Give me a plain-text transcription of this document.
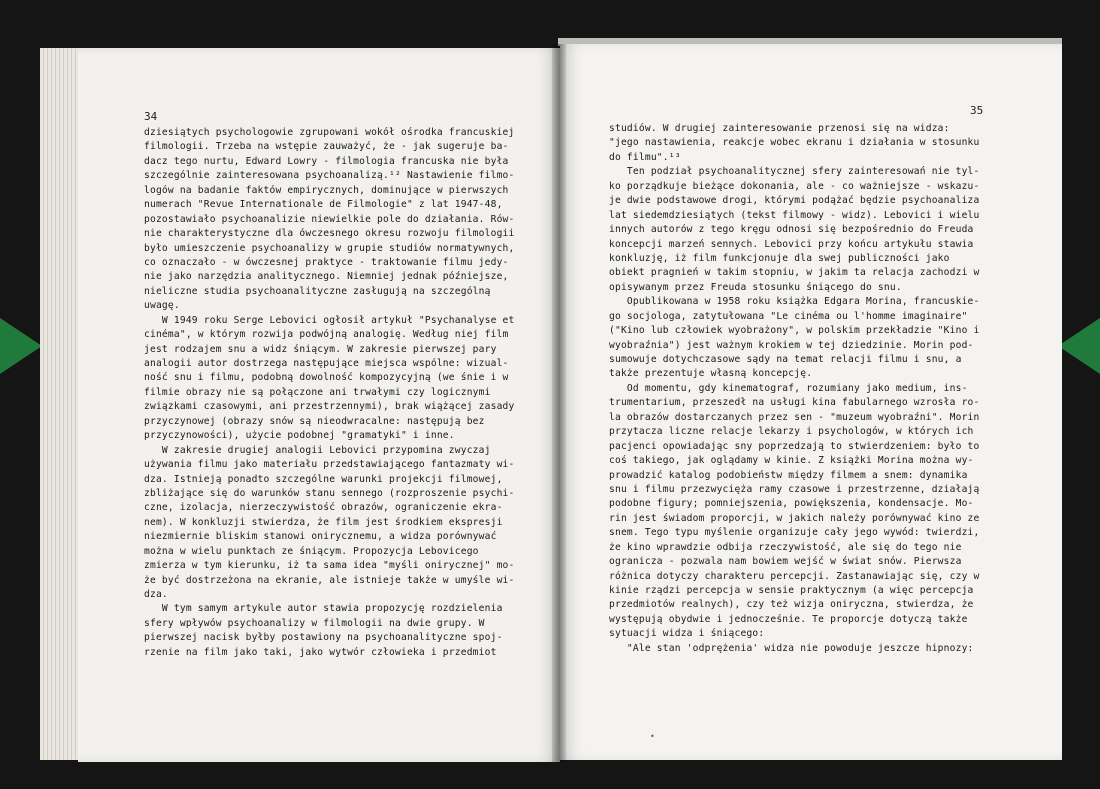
34
dziesiątych psychologowie zgrupowani wokół ośrodka francuskiej
filmologii. Trzeba na wstępie zauważyć, że - jak sugeruje ba-
dacz tego nurtu, Edward Lowry - filmologia francuska nie była
szczególnie zainteresowana psychoanalizą.¹² Nastawienie filmo-
logów na badanie faktów empirycznych, dominujące w pierwszych
numerach "Revue Internationale de Filmologie" z lat 1947-48,
pozostawiało psychoanalizie niewielkie pole do działania. Rów-
nie charakterystyczne dla ówczesnego okresu rozwoju filmologii
było umieszczenie psychoanalizy w grupie studiów normatywnych,
co oznaczało - w ówczesnej praktyce - traktowanie filmu jedy-
nie jako narzędzia analitycznego. Niemniej jednak późniejsze,
nieliczne studia psychoanalityczne zasługują na szczególną
uwagę.
W 1949 roku Serge Lebovici ogłosił artykuł "Psychanalyse et
cinéma", w którym rozwija podwójną analogię. Według niej film
jest rodzajem snu a widz śniącym. W zakresie pierwszej pary
analogii autor dostrzega następujące miejsca wspólne: wizual-
ność snu i filmu, podobną dowolność kompozycyjną (we śnie i w
filmie obrazy nie są połączone ani trwałymi czy logicznymi
związkami czasowymi, ani przestrzennymi), brak wiążącej zasady
przyczynowej (obrazy snów są nieodwracalne: następują bez
przyczynowości), użycie podobnej "gramatyki" i inne.
W zakresie drugiej analogii Lebovici przypomina zwyczaj
używania filmu jako materiału przedstawiającego fantazmaty wi-
dza. Istnieją ponadto szczególne warunki projekcji filmowej,
zbliżające się do warunków stanu sennego (rozproszenie psychi-
czne, izolacja, nierzeczywistość obrazów, ograniczenie ekra-
nem). W konkluzji stwierdza, że film jest środkiem ekspresji
niezmiernie bliskim stanowi onirycznemu, a widza porównywać
można w wielu punktach ze śniącym. Propozycja Lebovicego
zmierza w tym kierunku, iż ta sama idea "myśli onirycznej" mo-
że być dostrzeżona na ekranie, ale istnieje także w umyśle wi-
dza.
W tym samym artykule autor stawia propozycję rozdzielenia
sfery wpływów psychoanalizy w filmologii na dwie grupy. W
pierwszej nacisk byłby postawiony na psychoanalityczne spoj-
rzenie na film jako taki, jako wytwór człowieka i przedmiot
35
studiów. W drugiej zainteresowanie przenosi się na widza:
"jego nastawienia, reakcje wobec ekranu i działania w stosunku
do filmu".¹³
Ten podział psychoanalitycznej sfery zainteresowań nie tyl-
ko porządkuje bieżące dokonania, ale - co ważniejsze - wskazu-
je dwie podstawowe drogi, którymi podążać będzie psychoanaliza
lat siedemdziesiątych (tekst filmowy - widz). Lebovici i wielu
innych autorów z tego kręgu odnosi się bezpośrednio do Freuda
koncepcji marzeń sennych. Lebovici przy końcu artykułu stawia
konkluzję, iż film funkcjonuje dla swej publiczności jako
obiekt pragnień w takim stopniu, w jakim ta relacja zachodzi w
opisywanym przez Freuda stosunku śniącego do snu.
Opublikowana w 1958 roku książka Edgara Morina, francuskie-
go socjologa, zatytułowana "Le cinéma ou l'homme imaginaire"
("Kino lub człowiek wyobrażony", w polskim przekładzie "Kino i
wyobraźnia") jest ważnym krokiem w tej dziedzinie. Morin pod-
sumowuje dotychczasowe sądy na temat relacji filmu i snu, a
także prezentuje własną koncepcję.
Od momentu, gdy kinematograf, rozumiany jako medium, ins-
trumentarium, przeszedł na usługi kina fabularnego wzrosła ro-
la obrazów dostarczanych przez sen - "muzeum wyobraźni". Morin
przytacza liczne relacje lekarzy i psychologów, w których ich
pacjenci opowiadając sny poprzedzają to stwierdzeniem: było to
coś takiego, jak oglądamy w kinie. Z książki Morina można wy-
prowadzić katalog podobieństw między filmem a snem: dynamika
snu i filmu przezwycięża ramy czasowe i przestrzenne, działają
podobne figury; pomniejszenia, powiększenia, kondensacje. Mo-
rin jest świadom proporcji, w jakich należy porównywać kino ze
snem. Tego typu myślenie organizuje cały jego wywód: twierdzi,
że kino wprawdzie odbija rzeczywistość, ale się do tego nie
ogranicza - pozwala nam bowiem wejść w świat snów. Pierwsza
różnica dotyczy charakteru percepcji. Zastanawiając się, czy w
kinie rządzi percepcja w sensie praktycznym (a więc percepcja
przedmiotów realnych), czy też wizja oniryczna, stwierdza, że
występują obydwie i jednocześnie. Te proporcje dotyczą także
sytuacji widza i śniącego:
"Ale stan 'odprężenia' widza nie powoduje jeszcze hipnozy:
•
